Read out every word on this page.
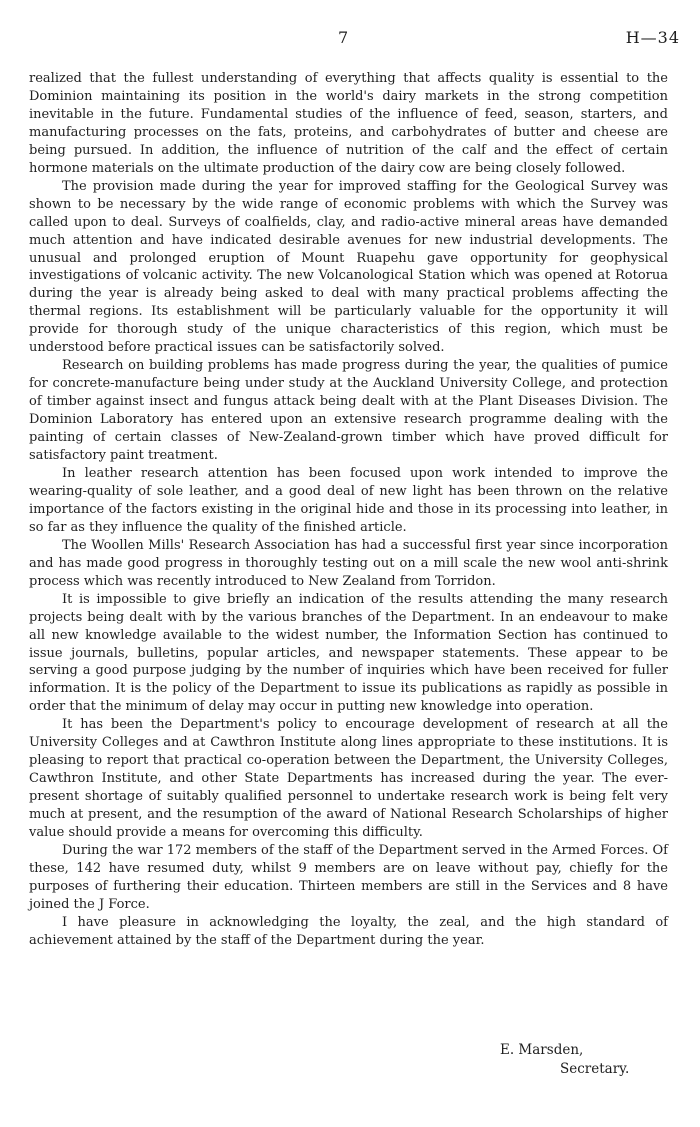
7	H—34

realized that the fullest understanding of everything that affects quality is essential to the Dominion maintaining its position in the world's dairy markets in the strong competition inevitable in the future. Fundamental studies of the influence of feed, season, starters, and manufacturing processes on the fats, proteins, and carbohydrates of butter and cheese are being pursued. In addition, the influence of nutrition of the calf and the effect of certain hormone materials on the ultimate production of the dairy cow are being closely followed.

The provision made during the year for improved staffing for the Geological Survey was shown to be necessary by the wide range of economic problems with which the Survey was called upon to deal. Surveys of coalfields, clay, and radio-active mineral areas have demanded much attention and have indicated desirable avenues for new industrial developments. The unusual and prolonged eruption of Mount Ruapehu gave opportunity for geophysical investigations of volcanic activity. The new Volcanological Station which was opened at Rotorua during the year is already being asked to deal with many practical problems affecting the thermal regions. Its establishment will be particularly valuable for the opportunity it will provide for thorough study of the unique characteristics of this region, which must be understood before practical issues can be satisfactorily solved.

Research on building problems has made progress during the year, the qualities of pumice for concrete-manufacture being under study at the Auckland University College, and protection of timber against insect and fungus attack being dealt with at the Plant Diseases Division. The Dominion Laboratory has entered upon an extensive research programme dealing with the painting of certain classes of New-Zealand-grown timber which have proved difficult for satisfactory paint treatment.

In leather research attention has been focused upon work intended to improve the wearing-quality of sole leather, and a good deal of new light has been thrown on the relative importance of the factors existing in the original hide and those in its processing into leather, in so far as they influence the quality of the finished article.

The Woollen Mills' Research Association has had a successful first year since incorporation and has made good progress in thoroughly testing out on a mill scale the new wool anti-shrink process which was recently introduced to New Zealand from Torridon.

It is impossible to give briefly an indication of the results attending the many research projects being dealt with by the various branches of the Department. In an endeavour to make all new knowledge available to the widest number, the Information Section has continued to issue journals, bulletins, popular articles, and newspaper statements. These appear to be serving a good purpose judging by the number of inquiries which have been received for fuller information. It is the policy of the Department to issue its publications as rapidly as possible in order that the minimum of delay may occur in putting new knowledge into operation.

It has been the Department's policy to encourage development of research at all the University Colleges and at Cawthron Institute along lines appropriate to these institutions. It is pleasing to report that practical co-operation between the Department, the University Colleges, Cawthron Institute, and other State Departments has increased during the year. The ever-present shortage of suitably qualified personnel to undertake research work is being felt very much at present, and the resumption of the award of National Research Scholarships of higher value should provide a means for overcoming this difficulty.

During the war 172 members of the staff of the Department served in the Armed Forces. Of these, 142 have resumed duty, whilst 9 members are on leave without pay, chiefly for the purposes of furthering their education. Thirteen members are still in the Services and 8 have joined the J Force.

I have pleasure in acknowledging the loyalty, the zeal, and the high standard of achievement attained by the staff of the Department during the year.

E. Marsden,
Secretary.
